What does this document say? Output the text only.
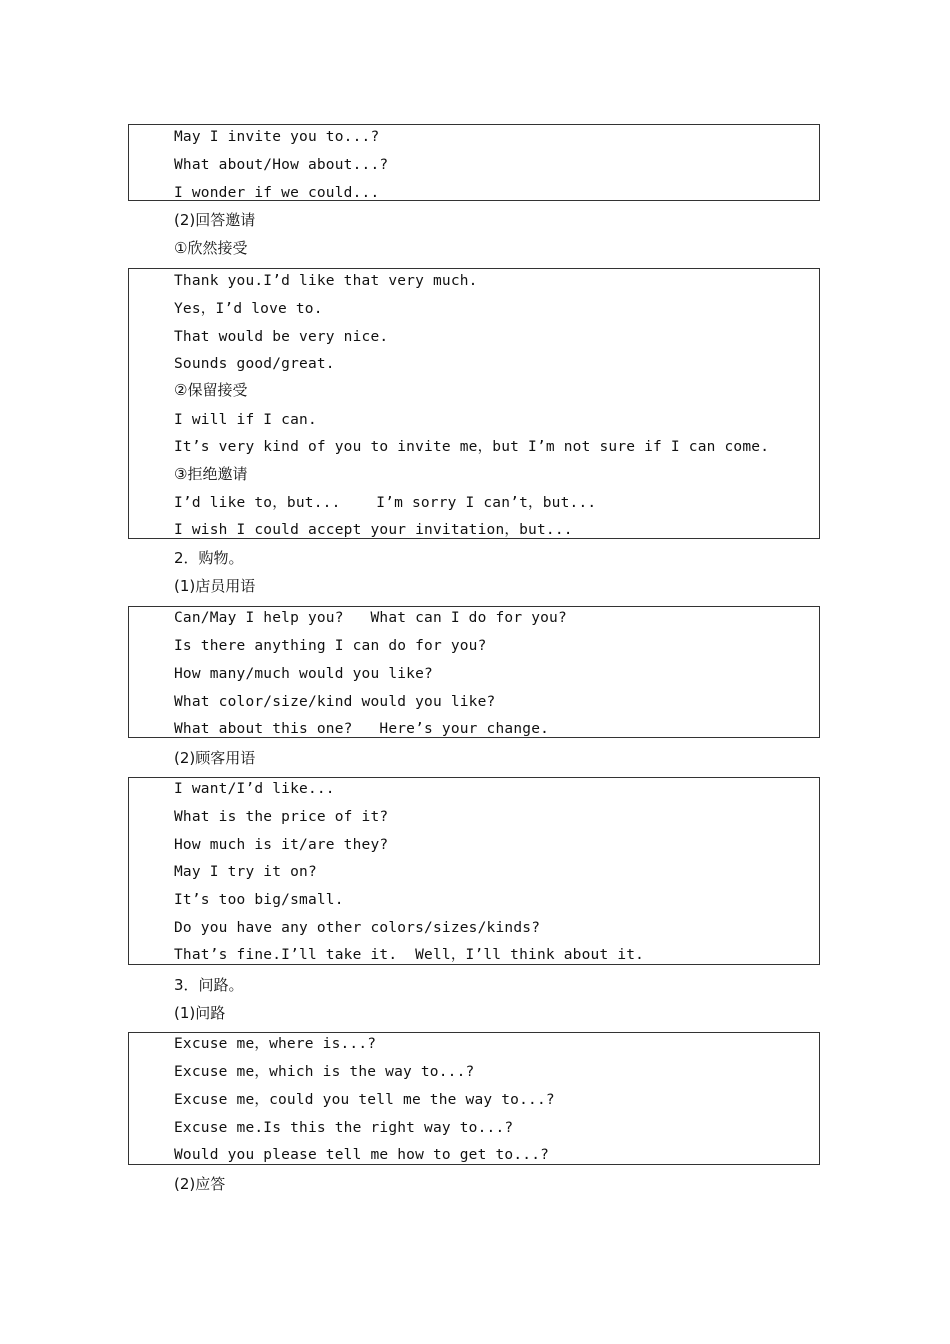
May I invite you to...?
What about/How about...?
I wonder if we could...
(2)回答邀请
①欣然接受
Thank you.I’d like that very much.
Yes，I’d love to.
That would be very nice.
Sounds good/great.
②保留接受
I will if I can.
It’s very kind of you to invite me，but I’m not sure if I can come.
③拒绝邀请
I’d like to，but...    I’m sorry I can’t，but...
I wish I could accept your invitation，but...
2．购物。
(1)店员用语
Can/May I help you?   What can I do for you?
Is there anything I can do for you?
How many/much would you like?
What color/size/kind would you like?
What about this one?   Here’s your change.
(2)顾客用语
I want/I’d like...
What is the price of it?
How much is it/are they?
May I try it on?
It’s too big/small.
Do you have any other colors/sizes/kinds?
That’s fine.I’ll take it.  Well，I’ll think about it.
3．问路。
(1)问路
Excuse me，where is...?
Excuse me，which is the way to...?
Excuse me，could you tell me the way to...?
Excuse me.Is this the right way to...?
Would you please tell me how to get to...?
(2)应答
